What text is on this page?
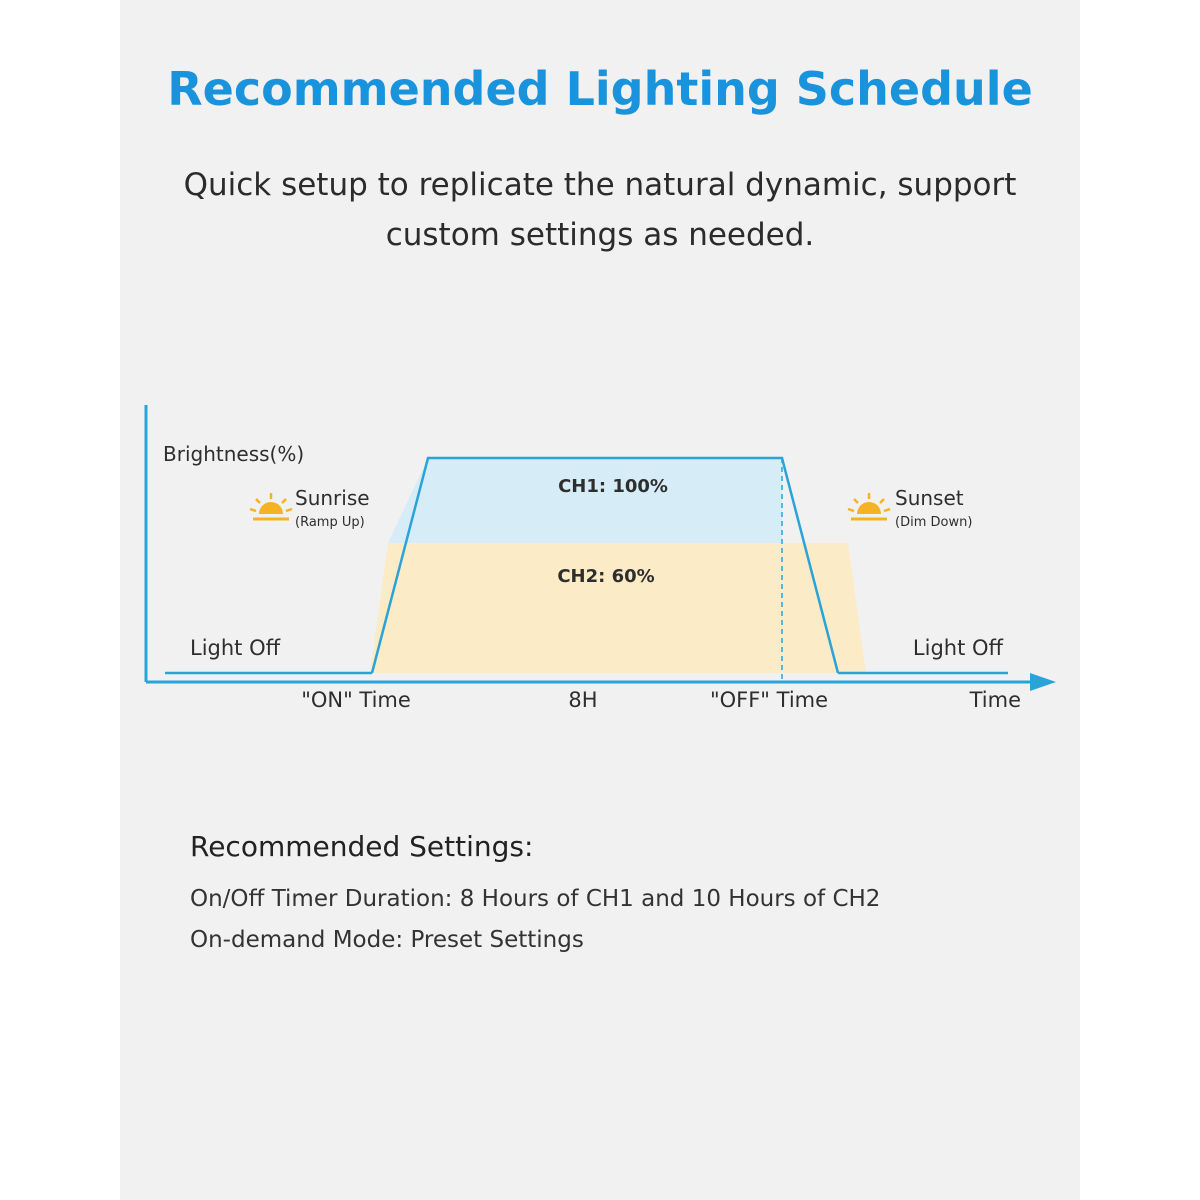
Recommended Lighting Schedule
Quick setup to replicate the natural dynamic, support custom settings as needed.
Brightness(%)
Time
"ON" Time	8H	"OFF" Time
Light Off	Light Off
CH1: 100%
CH2: 60%
Sunrise
(Ramp Up)
Sunset
(Dim Down)
Recommended Settings:
On/Off Timer Duration: 8 Hours of CH1 and 10 Hours of CH2
On-demand Mode: Preset Settings
